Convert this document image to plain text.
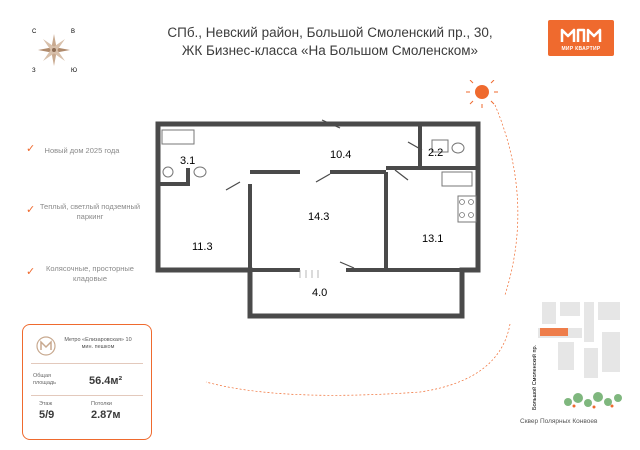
СПб., Невский район, Большой Смоленский пр., 30,
ЖК Бизнес-класса «На Большом Смоленском»	МИР КВАРТИР
С	В
Ю
З
✓ Новый дом 2025 года
✓ Теплый, светлый подземный паркинг
✓ Колясочные, просторные кладовые
Метро «Елизаровская» 10 мин. пешком
Общая площадь	56.4м²
Этаж
5/9
Потолки
2.87м
3.1	10.4	2.2
11.3
14.3
13.1
4.0
Большой Смоленский пр.
Сквер Полярных Конвоев
